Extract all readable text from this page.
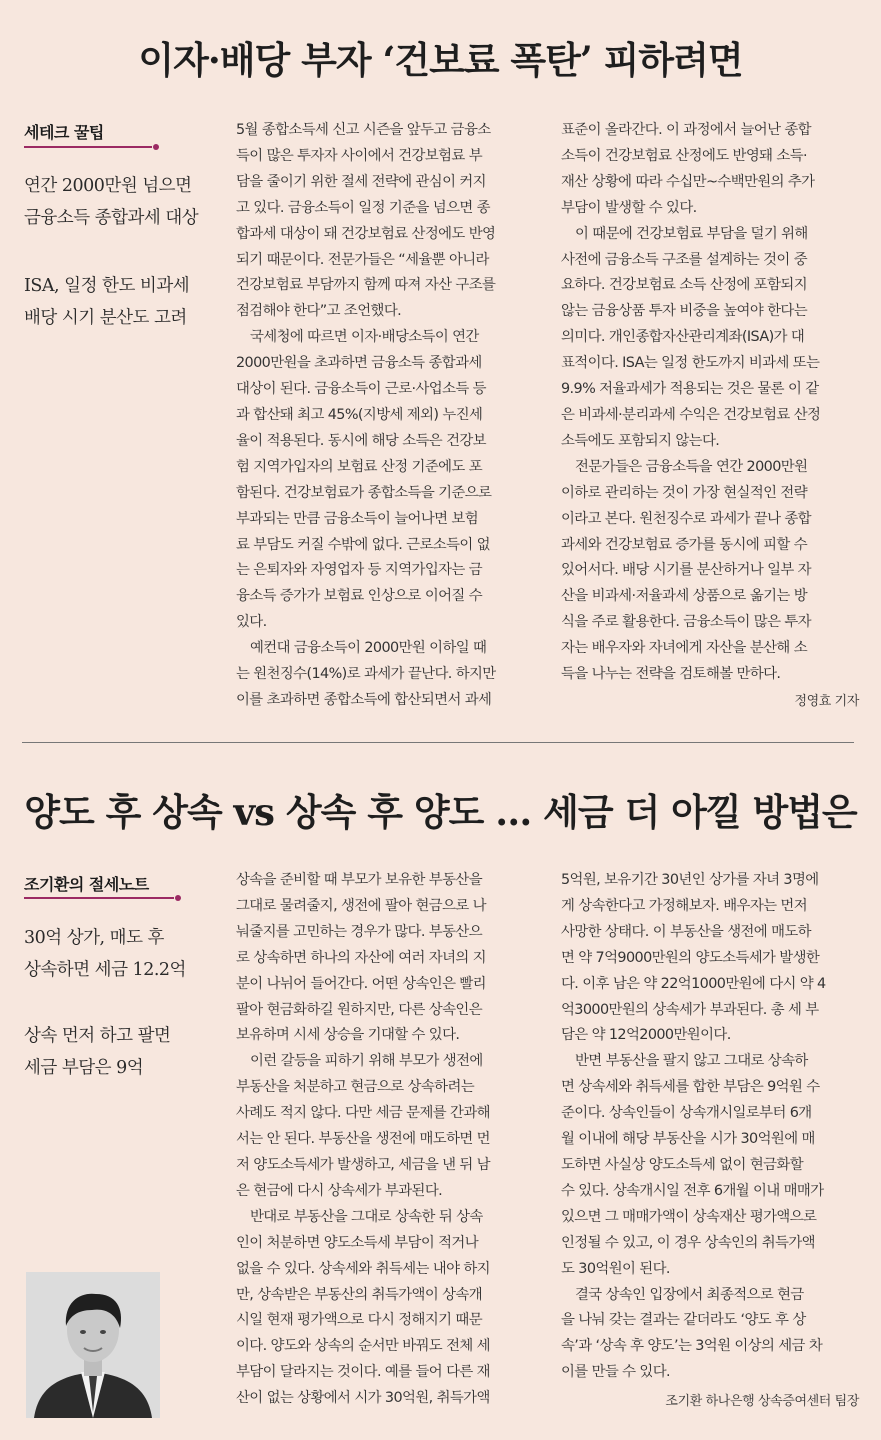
이자·배당 부자 ‘건보료 폭탄’ 피하려면
세테크 꿀팁
연간 2000만원 넘으면
금융소득 종합과세 대상
ISA, 일정 한도 비과세
배당 시기 분산도 고려
5월 종합소득세 신고 시즌을 앞두고 금융소
득이 많은 투자자 사이에서 건강보험료 부
담을 줄이기 위한 절세 전략에 관심이 커지
고 있다. 금융소득이 일정 기준을 넘으면 종
합과세 대상이 돼 건강보험료 산정에도 반영
되기 때문이다. 전문가들은 “세율뿐 아니라
건강보험료 부담까지 함께 따져 자산 구조를
점검해야 한다”고 조언했다.
국세청에 따르면 이자·배당소득이 연간
2000만원을 초과하면 금융소득 종합과세
대상이 된다. 금융소득이 근로·사업소득 등
과 합산돼 최고 45%(지방세 제외) 누진세
율이 적용된다. 동시에 해당 소득은 건강보
험 지역가입자의 보험료 산정 기준에도 포
함된다. 건강보험료가 종합소득을 기준으로
부과되는 만큼 금융소득이 늘어나면 보험
료 부담도 커질 수밖에 없다. 근로소득이 없
는 은퇴자와 자영업자 등 지역가입자는 금
융소득 증가가 보험료 인상으로 이어질 수
있다.
예컨대 금융소득이 2000만원 이하일 때
는 원천징수(14%)로 과세가 끝난다. 하지만
이를 초과하면 종합소득에 합산되면서 과세
표준이 올라간다. 이 과정에서 늘어난 종합
소득이 건강보험료 산정에도 반영돼 소득·
재산 상황에 따라 수십만~수백만원의 추가
부담이 발생할 수 있다.
이 때문에 건강보험료 부담을 덜기 위해
사전에 금융소득 구조를 설계하는 것이 중
요하다. 건강보험료 소득 산정에 포함되지
않는 금융상품 투자 비중을 높여야 한다는
의미다. 개인종합자산관리계좌(ISA)가 대
표적이다. ISA는 일정 한도까지 비과세 또는
9.9% 저율과세가 적용되는 것은 물론 이 같
은 비과세·분리과세 수익은 건강보험료 산정
소득에도 포함되지 않는다.
전문가들은 금융소득을 연간 2000만원
이하로 관리하는 것이 가장 현실적인 전략
이라고 본다. 원천징수로 과세가 끝나 종합
과세와 건강보험료 증가를 동시에 피할 수
있어서다. 배당 시기를 분산하거나 일부 자
산을 비과세·저율과세 상품으로 옮기는 방
식을 주로 활용한다. 금융소득이 많은 투자
자는 배우자와 자녀에게 자산을 분산해 소
득을 나누는 전략을 검토해볼 만하다.
정영효 기자
양도 후 상속 vs 상속 후 양도 … 세금 더 아낄 방법은
조기환의 절세노트
30억 상가, 매도 후
상속하면 세금 12.2억
상속 먼저 하고 팔면
세금 부담은 9억
상속을 준비할 때 부모가 보유한 부동산을
그대로 물려줄지, 생전에 팔아 현금으로 나
눠줄지를 고민하는 경우가 많다. 부동산으
로 상속하면 하나의 자산에 여러 자녀의 지
분이 나뉘어 들어간다. 어떤 상속인은 빨리
팔아 현금화하길 원하지만, 다른 상속인은
보유하며 시세 상승을 기대할 수 있다.
이런 갈등을 피하기 위해 부모가 생전에
부동산을 처분하고 현금으로 상속하려는
사례도 적지 않다. 다만 세금 문제를 간과해
서는 안 된다. 부동산을 생전에 매도하면 먼
저 양도소득세가 발생하고, 세금을 낸 뒤 남
은 현금에 다시 상속세가 부과된다.
반대로 부동산을 그대로 상속한 뒤 상속
인이 처분하면 양도소득세 부담이 적거나
없을 수 있다. 상속세와 취득세는 내야 하지
만, 상속받은 부동산의 취득가액이 상속개
시일 현재 평가액으로 다시 정해지기 때문
이다. 양도와 상속의 순서만 바꿔도 전체 세
부담이 달라지는 것이다. 예를 들어 다른 재
산이 없는 상황에서 시가 30억원, 취득가액
5억원, 보유기간 30년인 상가를 자녀 3명에
게 상속한다고 가정해보자. 배우자는 먼저
사망한 상태다. 이 부동산을 생전에 매도하
면 약 7억9000만원의 양도소득세가 발생한
다. 이후 남은 약 22억1000만원에 다시 약 4
억3000만원의 상속세가 부과된다. 총 세 부
담은 약 12억2000만원이다.
반면 부동산을 팔지 않고 그대로 상속하
면 상속세와 취득세를 합한 부담은 9억원 수
준이다. 상속인들이 상속개시일로부터 6개
월 이내에 해당 부동산을 시가 30억원에 매
도하면 사실상 양도소득세 없이 현금화할
수 있다. 상속개시일 전후 6개월 이내 매매가
있으면 그 매매가액이 상속재산 평가액으로
인정될 수 있고, 이 경우 상속인의 취득가액
도 30억원이 된다.
결국 상속인 입장에서 최종적으로 현금
을 나눠 갖는 결과는 같더라도 ‘양도 후 상
속’과 ‘상속 후 양도’는 3억원 이상의 세금 차
이를 만들 수 있다.
조기환 하나은행 상속증여센터 팀장
